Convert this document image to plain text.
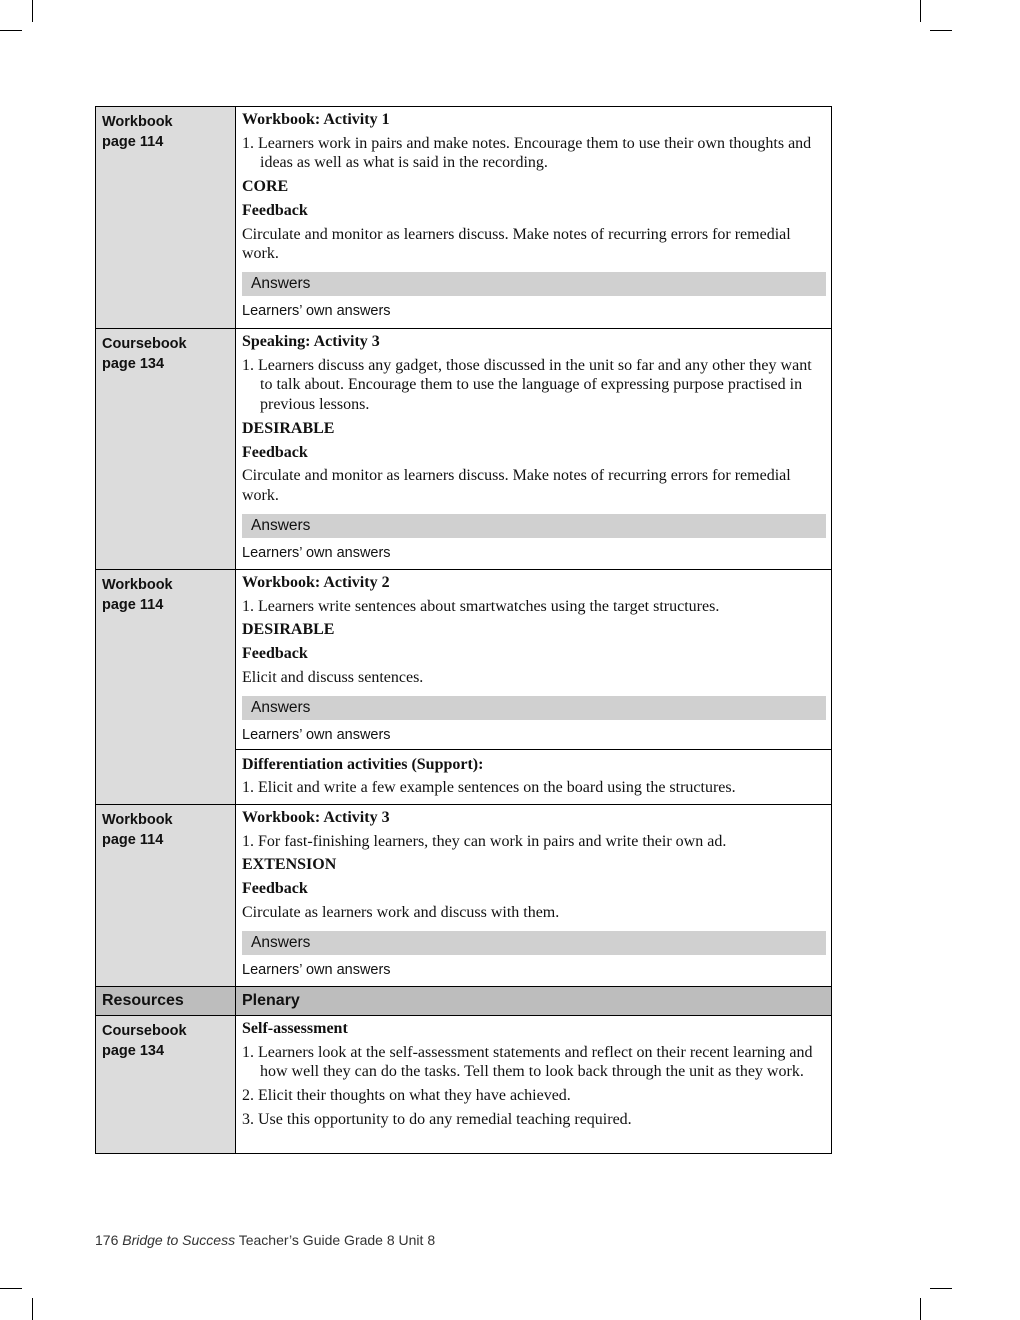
Workbook
page 114

Workbook: Activity 1

1. Learners work in pairs and make notes. Encourage them to use their own thoughts and ideas as well as what is said in the recording.

CORE

Feedback

Circulate and monitor as learners discuss. Make notes of recurring errors for remedial work.

Answers

Learners’ own answers

Coursebook
page 134

Speaking: Activity 3

1. Learners discuss any gadget, those discussed in the unit so far and any other they want to talk about. Encourage them to use the language of expressing purpose practised in previous lessons.

DESIRABLE

Feedback

Circulate and monitor as learners discuss. Make notes of recurring errors for remedial work.

Answers

Learners’ own answers

Workbook
page 114

Workbook: Activity 2

1. Learners write sentences about smartwatches using the target structures.

DESIRABLE

Feedback

Elicit and discuss sentences.

Answers

Learners’ own answers

Differentiation activities (Support):

1. Elicit and write a few example sentences on the board using the structures.

Workbook
page 114

Workbook: Activity 3

1. For fast-finishing learners, they can work in pairs and write their own ad.

EXTENSION

Feedback

Circulate as learners work and discuss with them.

Answers

Learners’ own answers

Resources	Plenary
Coursebook
page 134

Self-assessment

1. Learners look at the self-assessment statements and reflect on their recent learning and how well they can do the tasks. Tell them to look back through the unit as they work.

2. Elicit their thoughts on what they have achieved.

3. Use this opportunity to do any remedial teaching required.

176 Bridge to Success Teacher’s Guide Grade 8 Unit 8
